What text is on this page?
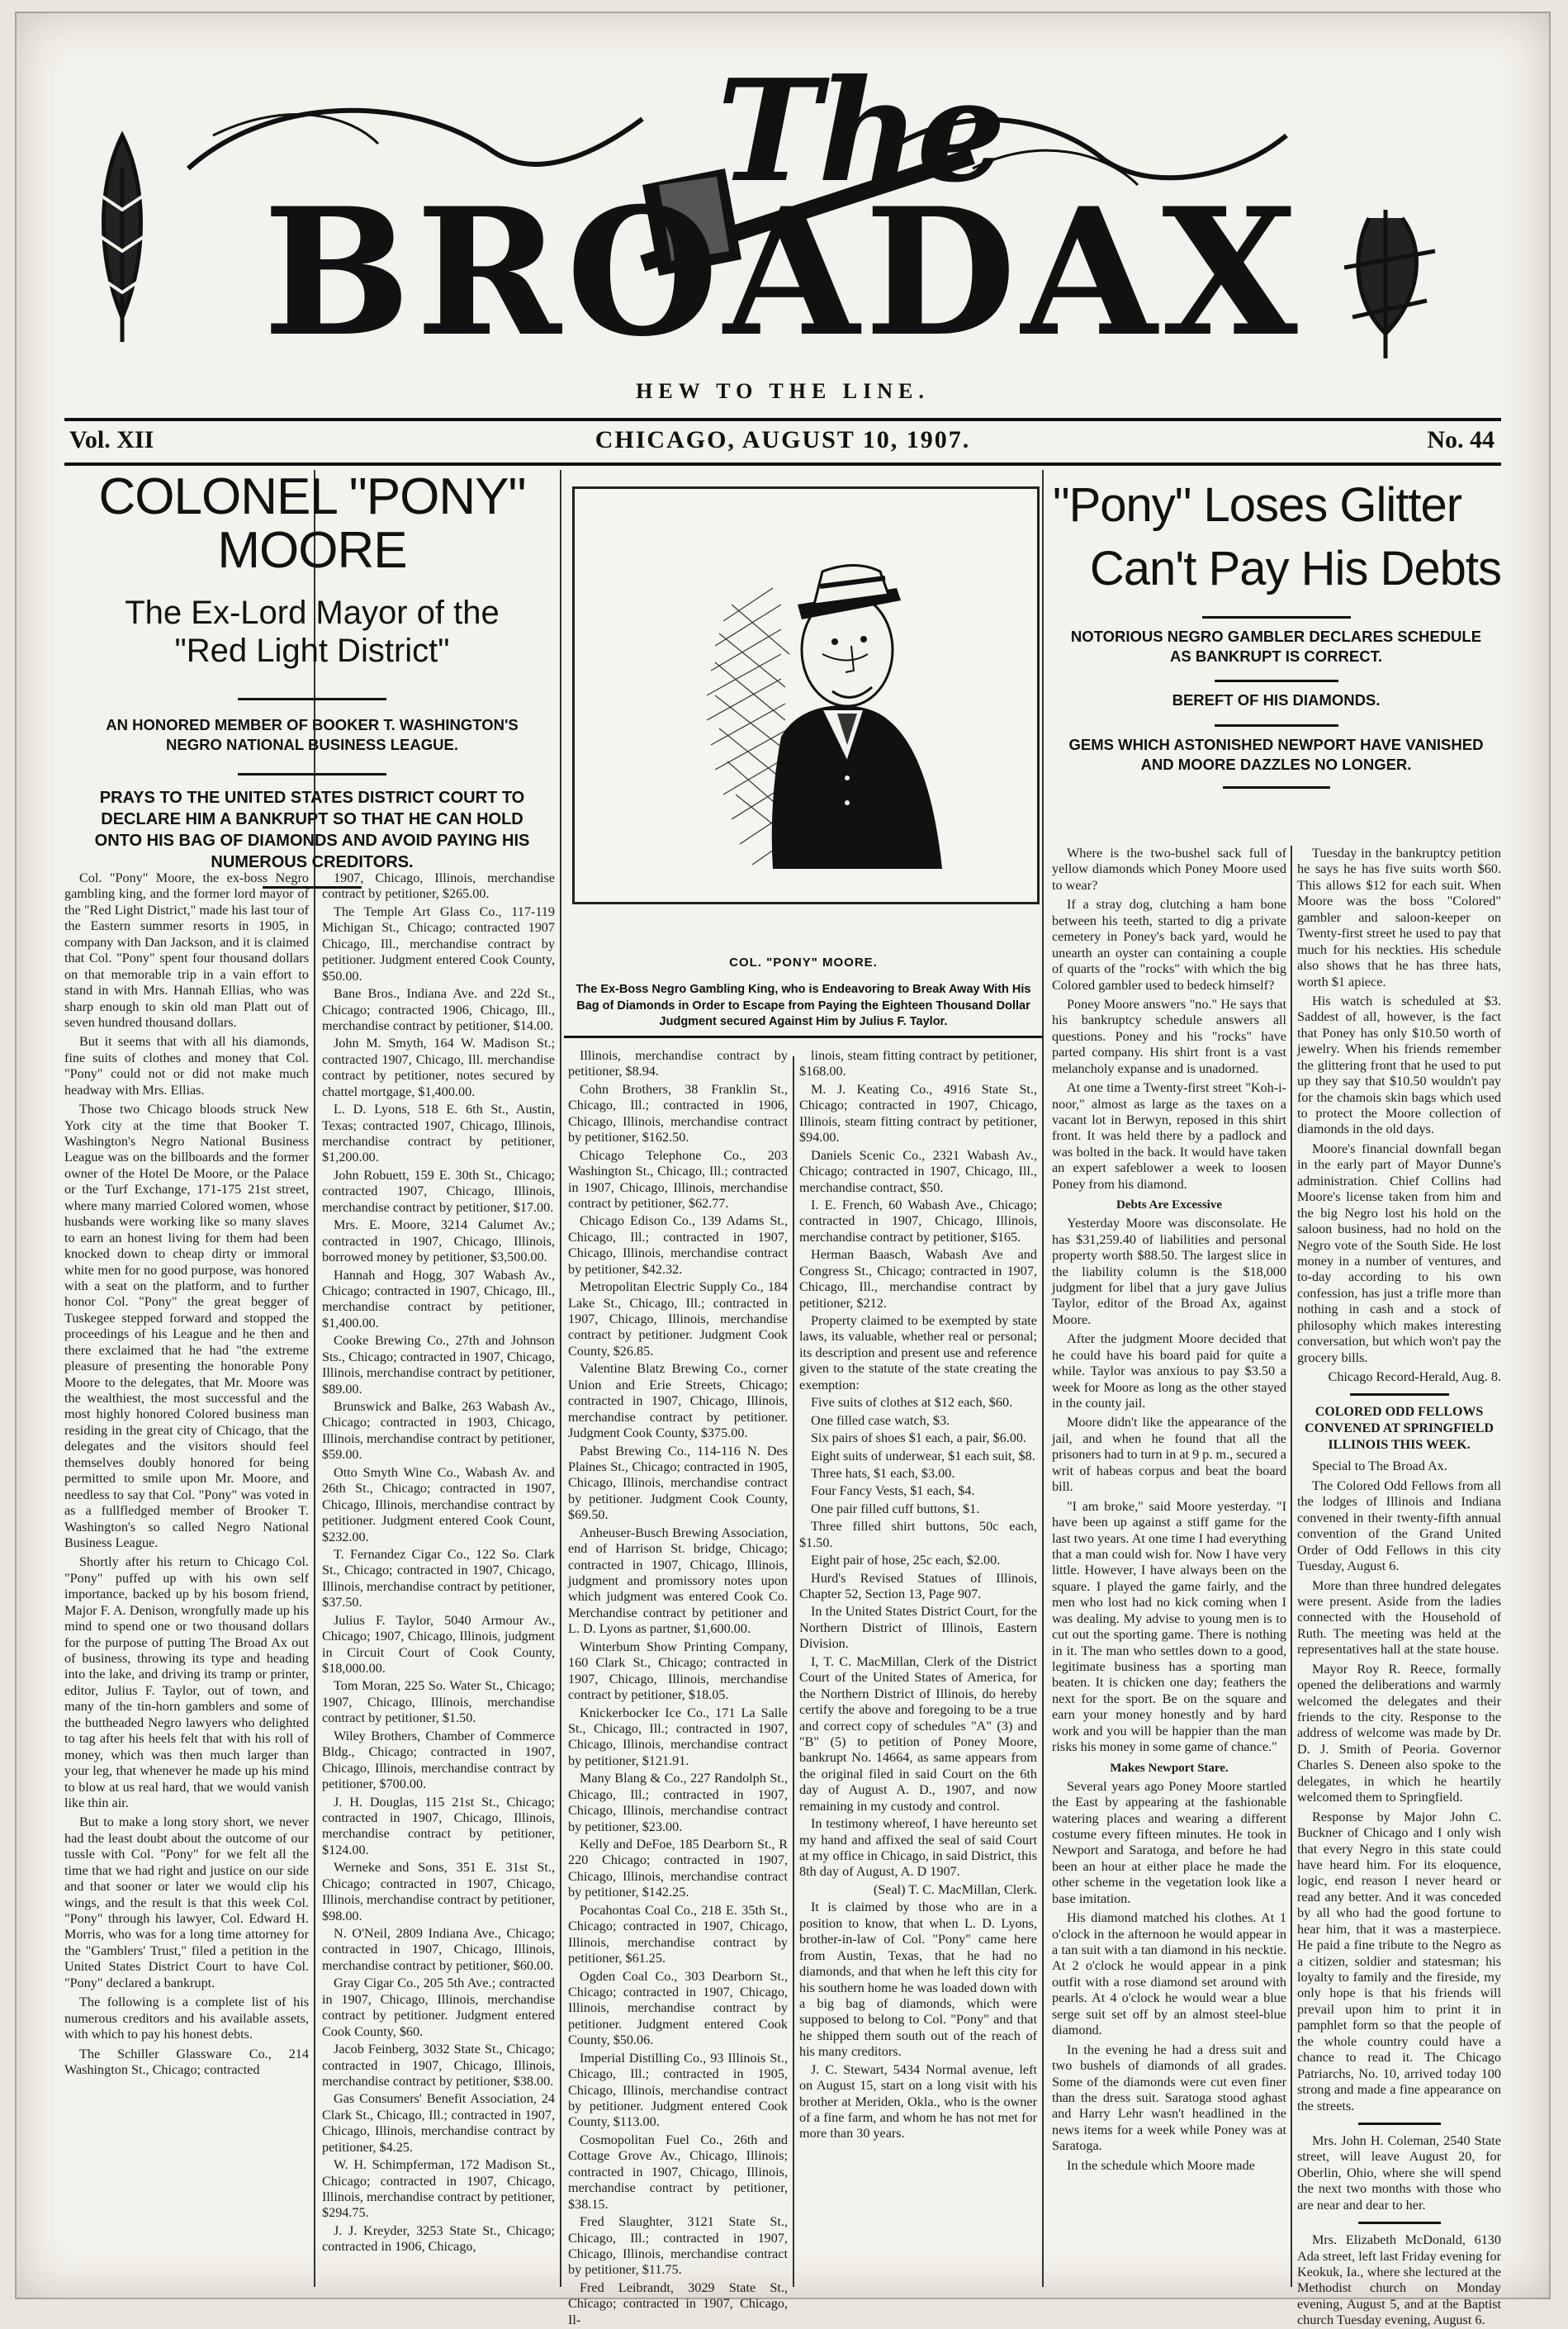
The
BROADAX
HEW TO THE LINE.
CHICAGO, AUGUST 10, 1907.
Vol. XII	No. 44
COLONEL "PONY" MOORE
The Ex-Lord Mayor of the "Red Light District"
AN HONORED MEMBER OF BOOKER T. WASHINGTON'S NEGRO NATIONAL BUSINESS LEAGUE.
PRAYS TO THE UNITED STATES DISTRICT COURT TO DECLARE HIM A BANKRUPT SO THAT HE CAN HOLD ONTO HIS BAG OF DIAMONDS AND AVOID PAYING HIS NUMEROUS CREDITORS.

Col. "Pony" Moore, the ex-boss Negro gambling king, and the former lord mayor of the "Red Light District," made his last tour of the Eastern summer resorts in 1905, in company with Dan Jackson, and it is claimed that Col. "Pony" spent four thousand dollars on that memorable trip in a vain effort to stand in with Mrs. Hannah Ellias, who was sharp enough to skin old man Platt out of seven hundred thousand dollars.

But it seems that with all his diamonds, fine suits of clothes and money that Col. "Pony" could not or did not make much headway with Mrs. Ellias.

Those two Chicago bloods struck New York city at the time that Booker T. Washington's Negro National Business League was on the billboards and the former owner of the Hotel De Moore, or the Palace or the Turf Exchange, 171-175 21st street, where many married Colored women, whose husbands were working like so many slaves to earn an honest living for them had been knocked down to cheap dirty or immoral white men for no good purpose, was honored with a seat on the platform, and to further honor Col. "Pony" the great begger of Tuskegee stepped forward and stopped the proceedings of his League and he then and there exclaimed that he had "the extreme pleasure of presenting the honorable Pony Moore to the delegates, that Mr. Moore was the wealthiest, the most successful and the most highly honored Colored business man residing in the great city of Chicago, that the delegates and the visitors should feel themselves doubly honored for being permitted to smile upon Mr. Moore, and needless to say that Col. "Pony" was voted in as a fullfledged member of Brooker T. Washington's so called Negro National Business League.

Shortly after his return to Chicago Col. "Pony" puffed up with his own self importance, backed up by his bosom friend, Major F. A. Denison, wrongfully made up his mind to spend one or two thousand dollars for the purpose of putting The Broad Ax out of business, throwing its type and heading into the lake, and driving its tramp or printer, editor, Julius F. Taylor, out of town, and many of the tin-horn gamblers and some of the buttheaded Negro lawyers who delighted to tag after his heels felt that with his roll of money, which was then much larger than your leg, that whenever he made up his mind to blow at us real hard, that we would vanish like thin air.

But to make a long story short, we never had the least doubt about the outcome of our tussle with Col. "Pony" for we felt all the time that we had right and justice on our side and that sooner or later we would clip his wings, and the result is that this week Col. "Pony" through his lawyer, Col. Edward H. Morris, who was for a long time attorney for the "Gamblers' Trust," filed a petition in the United States District Court to have Col. "Pony" declared a bankrupt.

The following is a complete list of his numerous creditors and his available assets, with which to pay his honest debts.

The Schiller Glassware Co., 214 Washington St., Chicago; contracted

1907, Chicago, Illinois, merchandise contract by petitioner, $265.00.

The Temple Art Glass Co., 117-119 Michigan St., Chicago; contracted 1907 Chicago, Ill., merchandise contract by petitioner. Judgment entered Cook County, $50.00.

Bane Bros., Indiana Ave. and 22d St., Chicago; contracted 1906, Chicago, Ill., merchandise contract by petitioner, $14.00.

John M. Smyth, 164 W. Madison St.; contracted 1907, Chicago, Ill. merchandise contract by petitioner, notes secured by chattel mortgage, $1,400.00.

L. D. Lyons, 518 E. 6th St., Austin, Texas; contracted 1907, Chicago, Illinois, merchandise contract by petitioner, $1,200.00.

John Robuett, 159 E. 30th St., Chicago; contracted 1907, Chicago, Illinois, merchandise contract by petitioner, $17.00.

Mrs. E. Moore, 3214 Calumet Av.; contracted in 1907, Chicago, Illinois, borrowed money by petitioner, $3,500.00.

Hannah and Hogg, 307 Wabash Av., Chicago; contracted in 1907, Chicago, Ill., merchandise contract by petitioner, $1,400.00.

Cooke Brewing Co., 27th and Johnson Sts., Chicago; contracted in 1907, Chicago, Illinois, merchandise contract by petitioner, $89.00.

Brunswick and Balke, 263 Wabash Av., Chicago; contracted in 1903, Chicago, Illinois, merchandise contract by petitioner, $59.00.

Otto Smyth Wine Co., Wabash Av. and 26th St., Chicago; contracted in 1907, Chicago, Illinois, merchandise contract by petitioner. Judgment entered Cook Count, $232.00.

T. Fernandez Cigar Co., 122 So. Clark St., Chicago; contracted in 1907, Chicago, Illinois, merchandise contract by petitioner, $37.50.

Julius F. Taylor, 5040 Armour Av., Chicago; 1907, Chicago, Illinois, judgment in Circuit Court of Cook County, $18,000.00.

Tom Moran, 225 So. Water St., Chicago; 1907, Chicago, Illinois, merchandise contract by petitioner, $1.50.

Wiley Brothers, Chamber of Commerce Bldg., Chicago; contracted in 1907, Chicago, Illinois, merchandise contract by petitioner, $700.00.

J. H. Douglas, 115 21st St., Chicago; contracted in 1907, Chicago, Illinois, merchandise contract by petitioner, $124.00.

Werneke and Sons, 351 E. 31st St., Chicago; contracted in 1907, Chicago, Illinois, merchandise contract by petitioner, $98.00.

N. O'Neil, 2809 Indiana Ave., Chicago; contracted in 1907, Chicago, Illinois, merchandise contract by petitioner, $60.00.

Gray Cigar Co., 205 5th Ave.; contracted in 1907, Chicago, Illinois, merchandise contract by petitioner. Judgment entered Cook County, $60.

Jacob Feinberg, 3032 State St., Chicago; contracted in 1907, Chicago, Illinois, merchandise contract by petitioner, $38.00.

Gas Consumers' Benefit Association, 24 Clark St., Chicago, Ill.; contracted in 1907, Chicago, Illinois, merchandise contract by petitioner, $4.25.

W. H. Schimpferman, 172 Madison St., Chicago; contracted in 1907, Chicago, Illinois, merchandise contract by petitioner, $294.75.

J. J. Kreyder, 3253 State St., Chicago; contracted in 1906, Chicago,

COL. "PONY" MOORE.
The Ex-Boss Negro Gambling King, who is Endeavoring to Break Away With His Bag of Diamonds in Order to Escape from Paying the Eighteen Thousand Dollar Judgment secured Against Him by Julius F. Taylor.

Illinois, merchandise contract by petitioner, $8.94.

Cohn Brothers, 38 Franklin St., Chicago, Ill.; contracted in 1906, Chicago, Illinois, merchandise contract by petitioner, $162.50.

Chicago Telephone Co., 203 Washington St., Chicago, Ill.; contracted in 1907, Chicago, Illinois, merchandise contract by petitioner, $62.77.

Chicago Edison Co., 139 Adams St., Chicago, Ill.; contracted in 1907, Chicago, Illinois, merchandise contract by petitioner, $42.32.

Metropolitan Electric Supply Co., 184 Lake St., Chicago, Ill.; contracted in 1907, Chicago, Illinois, merchandise contract by petitioner. Judgment Cook County, $26.85.

Valentine Blatz Brewing Co., corner Union and Erie Streets, Chicago; contracted in 1907, Chicago, Illinois, merchandise contract by petitioner. Judgment Cook County, $375.00.

Pabst Brewing Co., 114-116 N. Des Plaines St., Chicago; contracted in 1905, Chicago, Illinois, merchandise contract by petitioner. Judgment Cook County, $69.50.

Anheuser-Busch Brewing Association, end of Harrison St. bridge, Chicago; contracted in 1907, Chicago, Illinois, judgment and promissory notes upon which judgment was entered Cook Co. Merchandise contract by petitioner and L. D. Lyons as partner, $1,600.00.

Winterbum Show Printing Company, 160 Clark St., Chicago; contracted in 1907, Chicago, Illinois, merchandise contract by petitioner, $18.05.

Knickerbocker Ice Co., 171 La Salle St., Chicago, Ill.; contracted in 1907, Chicago, Illinois, merchandise contract by petitioner, $121.91.

Many Blang & Co., 227 Randolph St., Chicago, Ill.; contracted in 1907, Chicago, Illinois, merchandise contract by petitioner, $23.00.

Kelly and DeFoe, 185 Dearborn St., R 220 Chicago; contracted in 1907, Chicago, Illinois, merchandise contract by petitioner, $142.25.

Pocahontas Coal Co., 218 E. 35th St., Chicago; contracted in 1907, Chicago, Illinois, merchandise contract by petitioner, $61.25.

Ogden Coal Co., 303 Dearborn St., Chicago; contracted in 1907, Chicago, Illinois, merchandise contract by petitioner. Judgment entered Cook County, $50.06.

Imperial Distilling Co., 93 Illinois St., Chicago, Ill.; contracted in 1905, Chicago, Illinois, merchandise contract by petitioner. Judgment entered Cook County, $113.00.

Cosmopolitan Fuel Co., 26th and Cottage Grove Av., Chicago, Illinois; contracted in 1907, Chicago, Illinois, merchandise contract by petitioner, $38.15.

Fred Slaughter, 3121 State St., Chicago, Ill.; contracted in 1907, Chicago, Illinois, merchandise contract by petitioner, $11.75.

Fred Leibrandt, 3029 State St., Chicago; contracted in 1907, Chicago, Il-

linois, steam fitting contract by petitioner, $168.00.

M. J. Keating Co., 4916 State St., Chicago; contracted in 1907, Chicago, Illinois, steam fitting contract by petitioner, $94.00.

Daniels Scenic Co., 2321 Wabash Av., Chicago; contracted in 1907, Chicago, Ill., merchandise contract, $50.

I. E. French, 60 Wabash Ave., Chicago; contracted in 1907, Chicago, Illinois, merchandise contract by petitioner, $165.

Herman Baasch, Wabash Ave and Congress St., Chicago; contracted in 1907, Chicago, Ill., merchandise contract by petitioner, $212.

Property claimed to be exempted by state laws, its valuable, whether real or personal; its description and present use and reference given to the statute of the state creating the exemption:

Five suits of clothes at $12 each, $60.

One filled case watch, $3.

Six pairs of shoes $1 each, a pair, $6.00.

Eight suits of underwear, $1 each suit, $8.

Three hats, $1 each, $3.00.

Four Fancy Vests, $1 each, $4.

One pair filled cuff buttons, $1.

Three filled shirt buttons, 50c each, $1.50.

Eight pair of hose, 25c each, $2.00.

Hurd's Revised Statues of Illinois, Chapter 52, Section 13, Page 907.

In the United States District Court, for the Northern District of Illinois, Eastern Division.

I, T. C. MacMillan, Clerk of the District Court of the United States of America, for the Northern District of Illinois, do hereby certify the above and foregoing to be a true and correct copy of schedules "A" (3) and "B" (5) to petition of Poney Moore, bankrupt No. 14664, as same appears from the original filed in said Court on the 6th day of August A. D., 1907, and now remaining in my custody and control.

In testimony whereof, I have hereunto set my hand and affixed the seal of said Court at my office in Chicago, in said District, this 8th day of August, A. D 1907.

(Seal) T. C. MacMillan, Clerk.

It is claimed by those who are in a position to know, that when L. D. Lyons, brother-in-law of Col. "Pony" came here from Austin, Texas, that he had no diamonds, and that when he left this city for his southern home he was loaded down with a big bag of diamonds, which were supposed to belong to Col. "Pony" and that he shipped them south out of the reach of his many creditors.

J. C. Stewart, 5434 Normal avenue, left on August 15, start on a long visit with his brother at Meriden, Okla., who is the owner of a fine farm, and whom he has not met for more than 30 years.

"Pony" Loses Glitter
Can't Pay His Debts
NOTORIOUS NEGRO GAMBLER DECLARES SCHEDULE AS BANKRUPT IS CORRECT.
BEREFT OF HIS DIAMONDS.
GEMS WHICH ASTONISHED NEWPORT HAVE VANISHED AND MOORE DAZZLES NO LONGER.

Where is the two-bushel sack full of yellow diamonds which Poney Moore used to wear?

If a stray dog, clutching a ham bone between his teeth, started to dig a private cemetery in Poney's back yard, would he unearth an oyster can containing a couple of quarts of the "rocks" with which the big Colored gambler used to bedeck himself?

Poney Moore answers "no." He says that his bankruptcy schedule answers all questions. Poney and his "rocks" have parted company. His shirt front is a vast melancholy expanse and is unadorned.

At one time a Twenty-first street "Koh-i-noor," almost as large as the taxes on a vacant lot in Berwyn, reposed in this shirt front. It was held there by a padlock and was bolted in the back. It would have taken an expert safeblower a week to loosen Poney from his diamond.

Debts Are Excessive

Yesterday Moore was disconsolate. He has $31,259.40 of liabilities and personal property worth $88.50. The largest slice in the liability column is the $18,000 judgment for libel that a jury gave Julius Taylor, editor of the Broad Ax, against Moore.

After the judgment Moore decided that he could have his board paid for quite a while. Taylor was anxious to pay $3.50 a week for Moore as long as the other stayed in the county jail.

Moore didn't like the appearance of the jail, and when he found that all the prisoners had to turn in at 9 p. m., secured a writ of habeas corpus and beat the board bill.

"I am broke," said Moore yesterday. "I have been up against a stiff game for the last two years. At one time I had everything that a man could wish for. Now I have very little. However, I have always been on the square. I played the game fairly, and the men who lost had no kick coming when I was dealing. My advise to young men is to cut out the sporting game. There is nothing in it. The man who settles down to a good, legitimate business has a sporting man beaten. It is chicken one day; feathers the next for the sport. Be on the square and earn your money honestly and by hard work and you will be happier than the man risks his money in some game of chance."

Makes Newport Stare.

Several years ago Poney Moore startled the East by appearing at the fashionable watering places and wearing a different costume every fifteen minutes. He took in Newport and Saratoga, and before he had been an hour at either place he made the other scheme in the vegetation look like a base imitation.

His diamond matched his clothes. At 1 o'clock in the afternoon he would appear in a tan suit with a tan diamond in his necktie. At 2 o'clock he would appear in a pink outfit with a rose diamond set around with pearls. At 4 o'clock he would wear a blue serge suit set off by an almost steel-blue diamond.

In the evening he had a dress suit and two bushels of diamonds of all grades. Some of the diamonds were cut even finer than the dress suit. Saratoga stood aghast and Harry Lehr wasn't headlined in the news items for a week while Poney was at Saratoga.

In the schedule which Moore made

Tuesday in the bankruptcy petition he says he has five suits worth $60. This allows $12 for each suit. When Moore was the boss "Colored" gambler and saloon-keeper on Twenty-first street he used to pay that much for his neckties. His schedule also shows that he has three hats, worth $1 apiece.

His watch is scheduled at $3. Saddest of all, however, is the fact that Poney has only $10.50 worth of jewelry. When his friends remember the glittering front that he used to put up they say that $10.50 wouldn't pay for the chamois skin bags which used to protect the Moore collection of diamonds in the old days.

Moore's financial downfall began in the early part of Mayor Dunne's administration. Chief Collins had Moore's license taken from him and the big Negro lost his hold on the saloon business, had no hold on the Negro vote of the South Side. He lost money in a number of ventures, and to-day according to his own confession, has just a trifle more than nothing in cash and a stock of philosophy which makes interesting conversation, but which won't pay the grocery bills.

Chicago Record-Herald, Aug. 8.

COLORED ODD FELLOWS CONVENED AT SPRINGFIELD ILLINOIS THIS WEEK.

Special to The Broad Ax.

The Colored Odd Fellows from all the lodges of Illinois and Indiana convened in their twenty-fifth annual convention of the Grand United Order of Odd Fellows in this city Tuesday, August 6.

More than three hundred delegates were present. Aside from the ladies connected with the Household of Ruth. The meeting was held at the representatives hall at the state house.

Mayor Roy R. Reece, formally opened the deliberations and warmly welcomed the delegates and their friends to the city. Response to the address of welcome was made by Dr. D. J. Smith of Peoria. Governor Charles S. Deneen also spoke to the delegates, in which he heartily welcomed them to Springfield.

Response by Major John C. Buckner of Chicago and I only wish that every Negro in this state could have heard him. For its eloquence, logic, end reason I never heard or read any better. And it was conceded by all who had the good fortune to hear him, that it was a masterpiece. He paid a fine tribute to the Negro as a citizen, soldier and statesman; his loyalty to family and the fireside, my only hope is that his friends will prevail upon him to print it in pamphlet form so that the people of the whole country could have a chance to read it. The Chicago Patriarchs, No. 10, arrived today 100 strong and made a fine appearance on the streets.

Mrs. John H. Coleman, 2540 State street, will leave August 20, for Oberlin, Ohio, where she will spend the next two months with those who are near and dear to her.

Mrs. Elizabeth McDonald, 6130 Ada street, left last Friday evening for Keokuk, Ia., where she lectured at the Methodist church on Monday evening, August 5, and at the Baptist church Tuesday evening, August 6.
